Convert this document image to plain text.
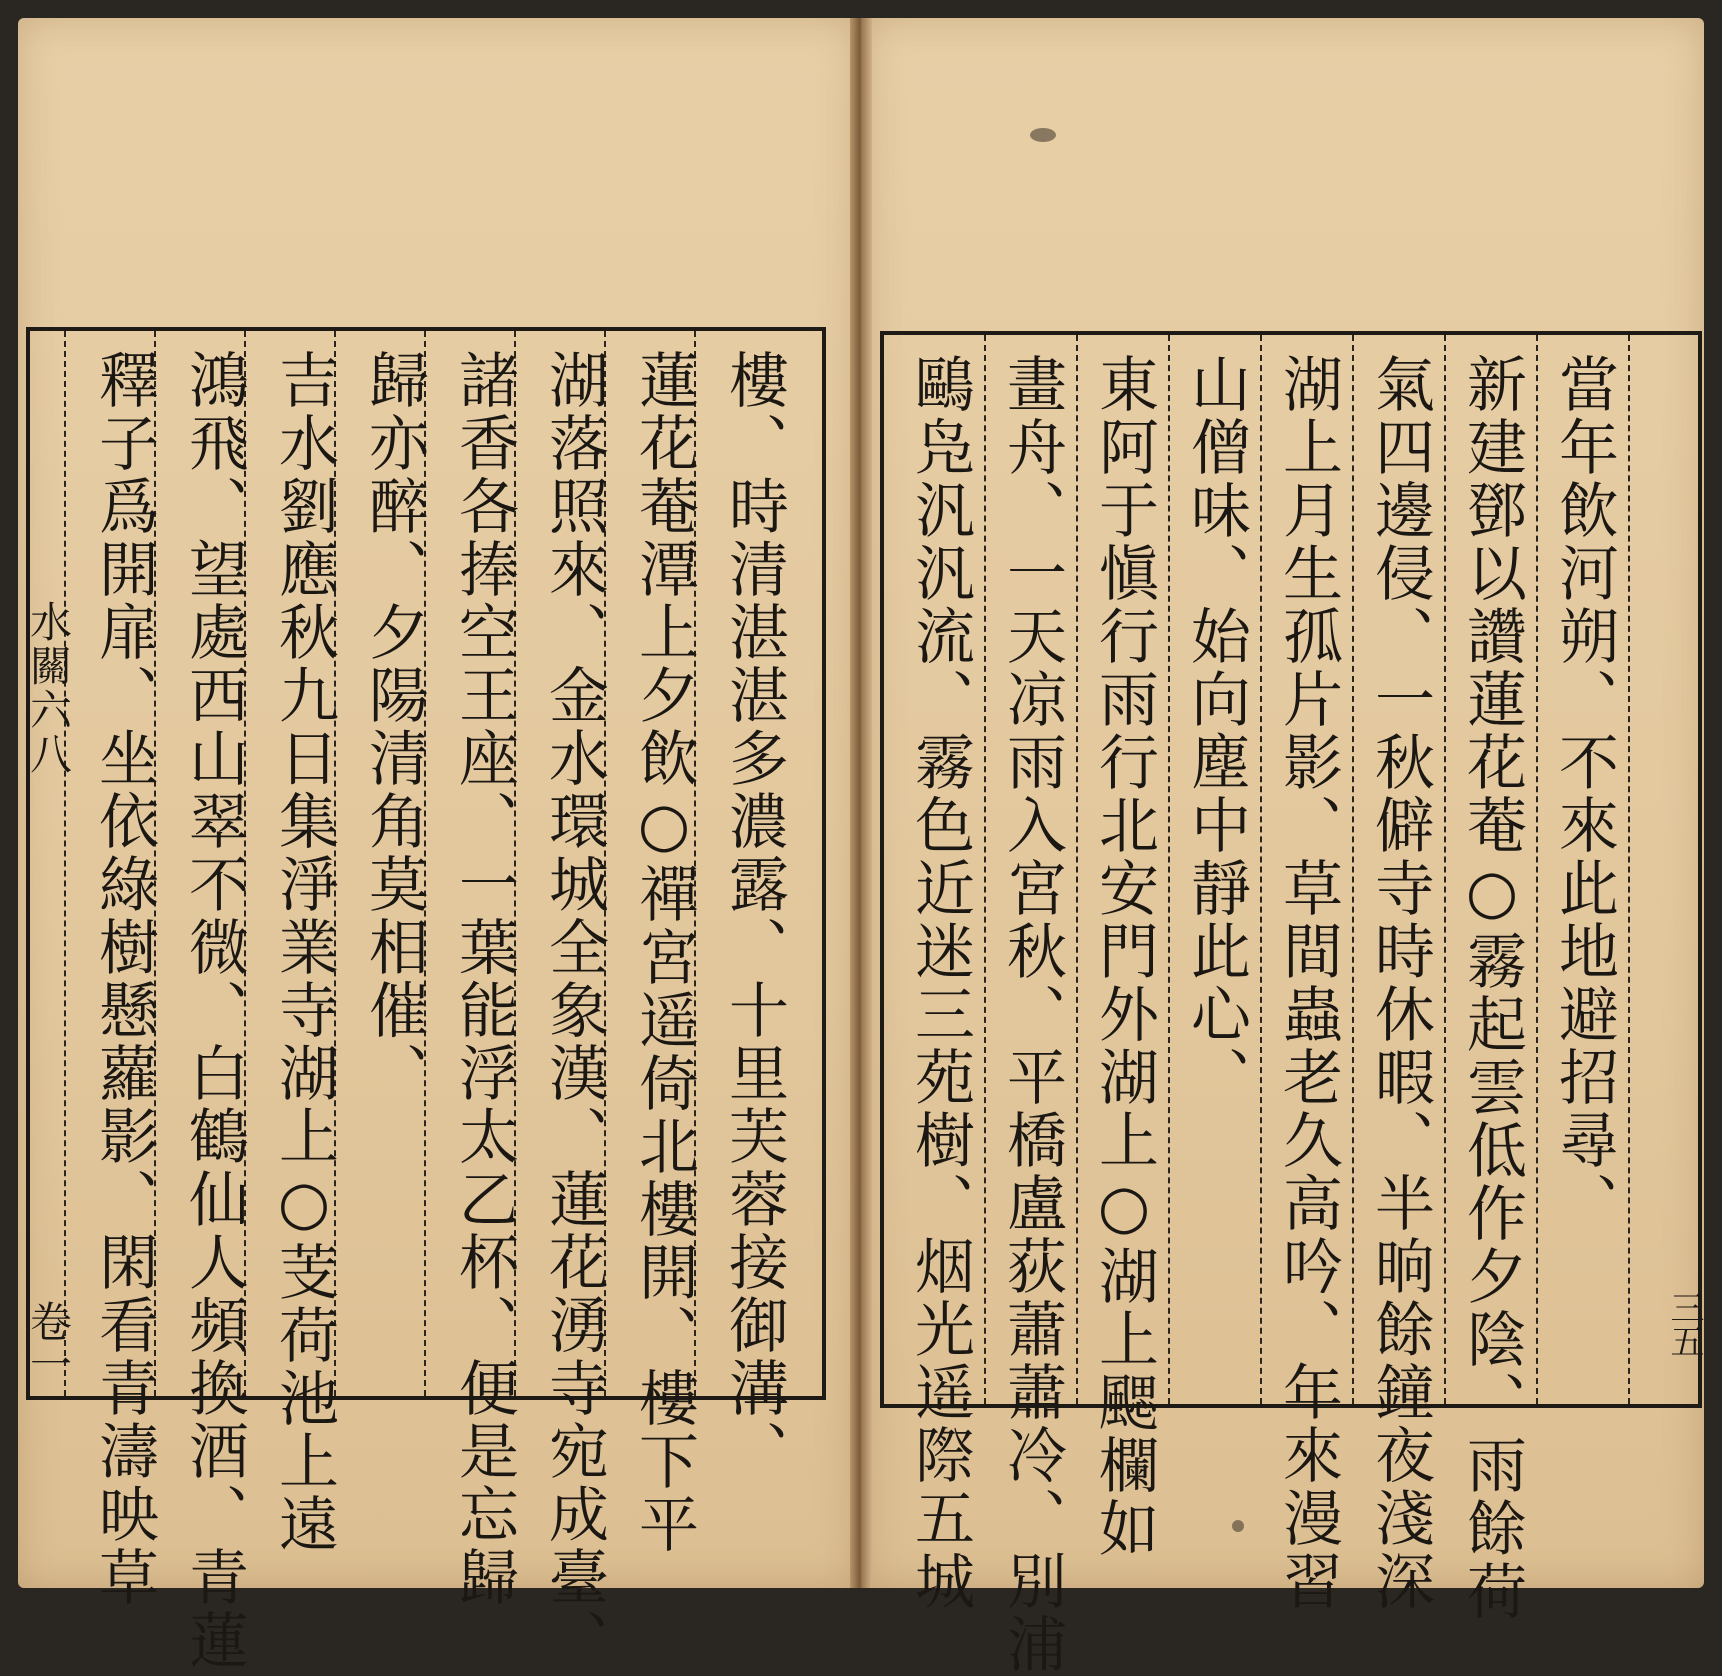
樓、時清湛湛多濃露、十里芙蓉接御溝、
蓮花菴潭上夕飲○禪宮遥倚北樓開、樓下平
湖落照來、金水環城全象漢、蓮花湧寺宛成臺、
諸香各捧空王座、一葉能浮太乙杯、便是忘歸
歸亦醉、夕陽清角莫相催、
吉水劉應秋九日集淨業寺湖上○芰荷池上遠
鴻飛、望處西山翠不微、白鶴仙人頻換酒、青蓮
釋子爲開扉、坐依綠樹懸蘿影、閑看青濤映草
水關六八
卷一
當年飲河朔、不來此地避招尋、
新建鄧以讚蓮花菴○霧起雲低作夕陰、雨餘荷
氣四邊侵、一秋僻寺時休暇、半晌餘鐘夜淺深
湖上月生孤片影、草間蟲老久高吟、年來漫習
山僧味、始向塵中靜此心、
東阿于愼行雨行北安門外湖上○湖上颸欄如
畫舟、一天凉雨入宮秋、平橋盧荻蕭蕭冷、別浦
鷗凫汎汎流、霧色近迷三苑樹、烟光遥際五城	三五
